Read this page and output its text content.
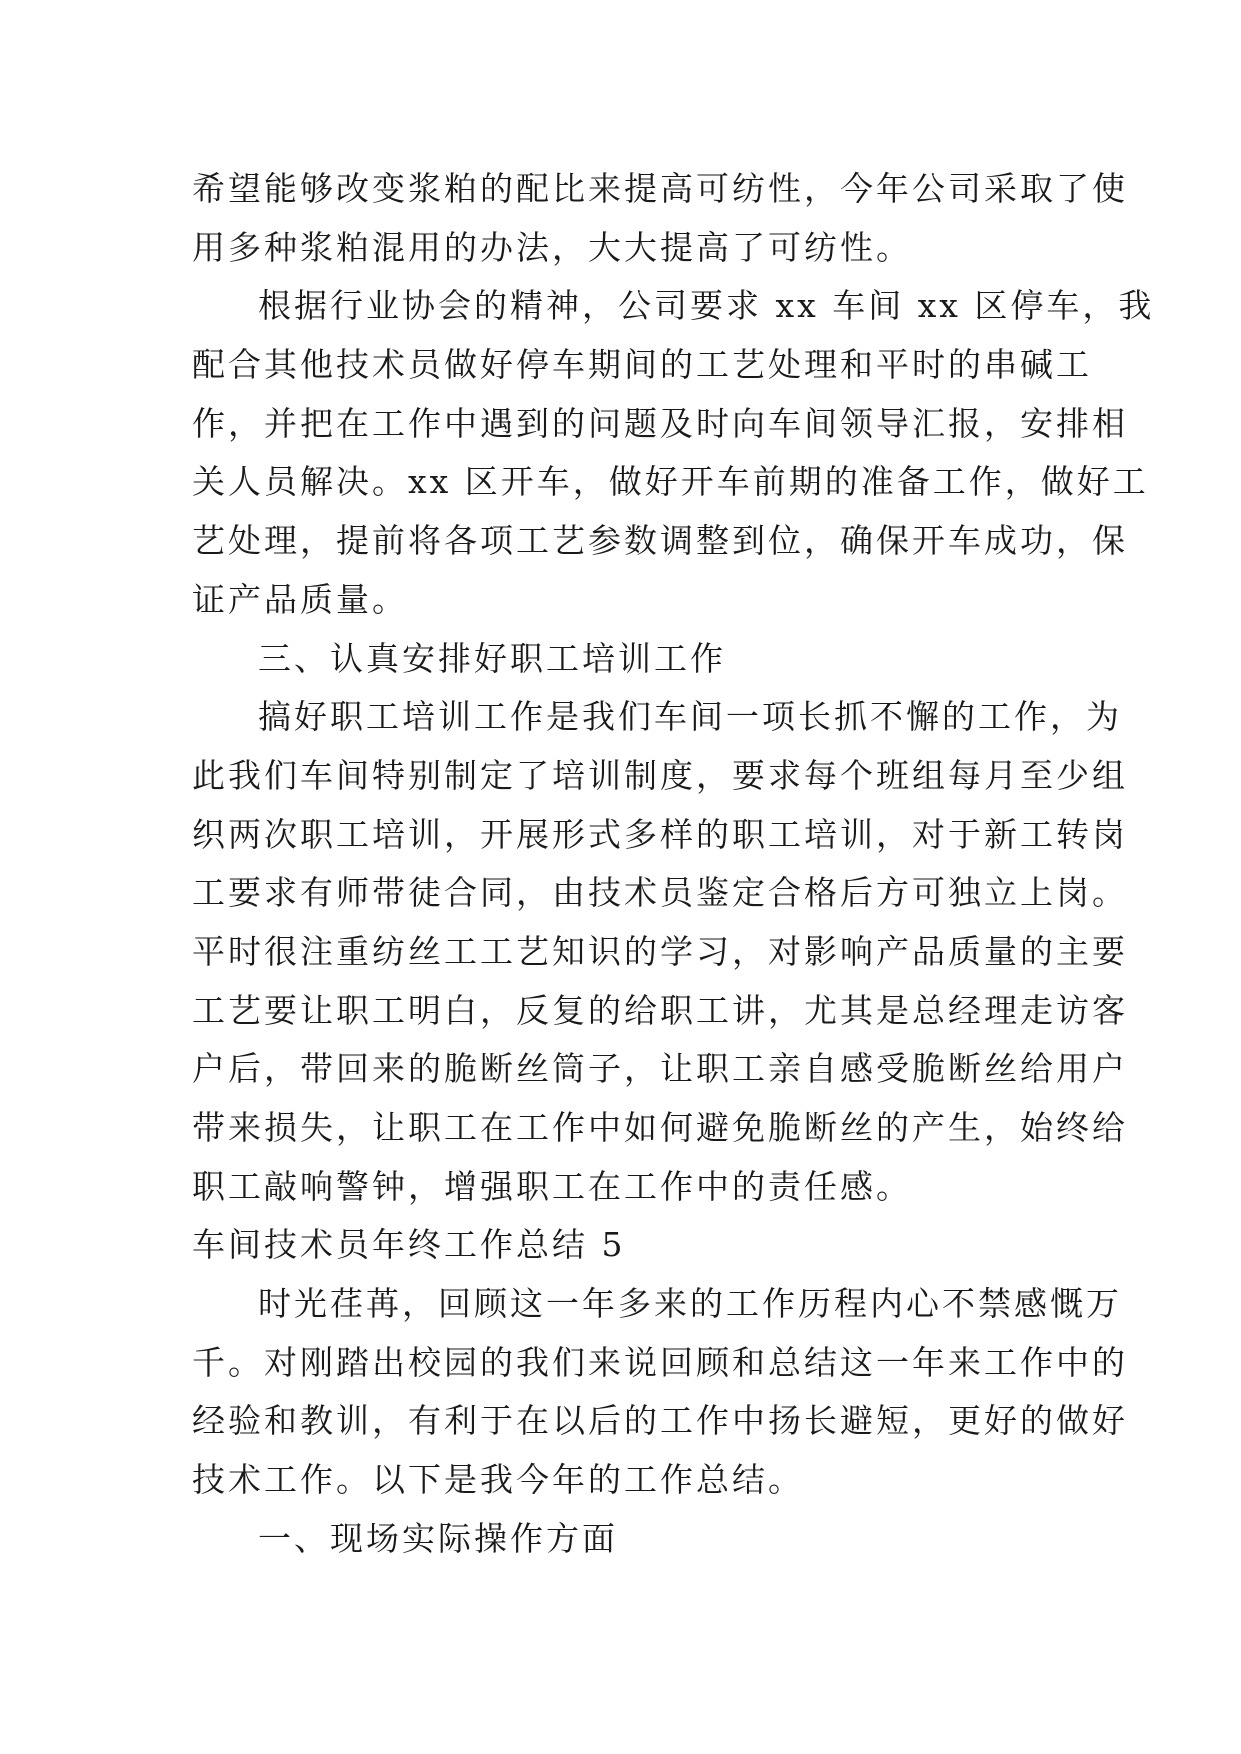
希望能够改变浆粕的配比来提高可纺性，今年公司采取了使
用多种浆粕混用的办法，大大提高了可纺性。
根据行业协会的精神，公司要求 xx 车间 xx 区停车，我
配合其他技术员做好停车期间的工艺处理和平时的串碱工
作，并把在工作中遇到的问题及时向车间领导汇报，安排相
关人员解决。xx 区开车，做好开车前期的准备工作，做好工
艺处理，提前将各项工艺参数调整到位，确保开车成功，保
证产品质量。
三、认真安排好职工培训工作
搞好职工培训工作是我们车间一项长抓不懈的工作，为
此我们车间特别制定了培训制度，要求每个班组每月至少组
织两次职工培训，开展形式多样的职工培训，对于新工转岗
工要求有师带徒合同，由技术员鉴定合格后方可独立上岗。
平时很注重纺丝工工艺知识的学习，对影响产品质量的主要
工艺要让职工明白，反复的给职工讲，尤其是总经理走访客
户后，带回来的脆断丝筒子，让职工亲自感受脆断丝给用户
带来损失，让职工在工作中如何避免脆断丝的产生，始终给
职工敲响警钟，增强职工在工作中的责任感。
车间技术员年终工作总结 5
时光荏苒，回顾这一年多来的工作历程内心不禁感慨万
千。对刚踏出校园的我们来说回顾和总结这一年来工作中的
经验和教训，有利于在以后的工作中扬长避短，更好的做好
技术工作。以下是我今年的工作总结。
一、现场实际操作方面
